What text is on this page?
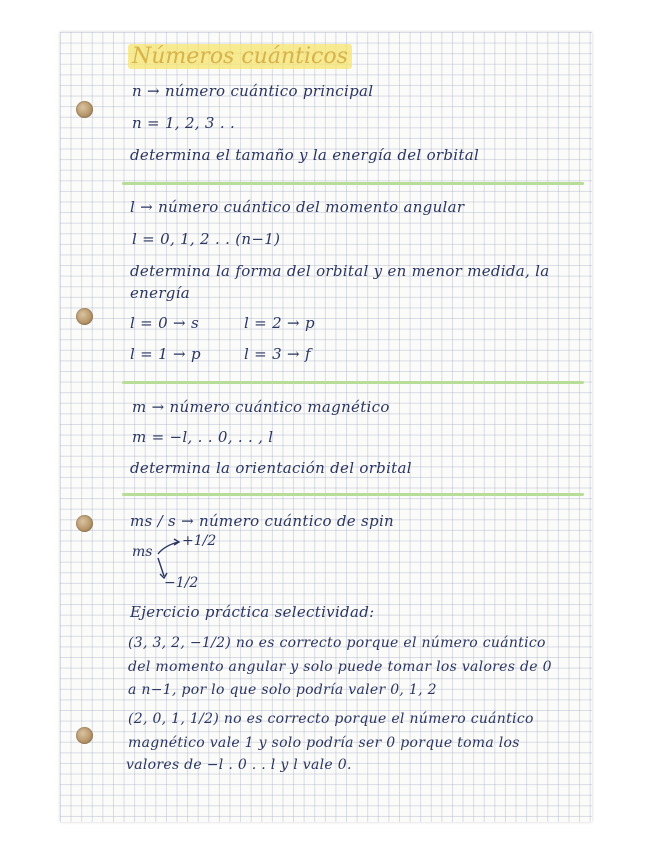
Números cuánticos
n → número cuántico principal
n = 1, 2, 3 . .
determina el tamaño y la energía del orbital
l → número cuántico del momento angular
l = 0, 1, 2 . . (n−1)
determina la forma del orbital y en menor medida, la
energía
l = 0 → s	l = 2 → p
l = 1 → p	l = 3 → f
m → número cuántico magnético
m = −l, . . 0, . . , l
determina la orientación del orbital
ms / s → número cuántico de spin
ms
+1/2
−1/2
Ejercicio práctica selectividad:
(3, 3, 2, −1/2) no es correcto porque el número cuántico
del momento angular y solo puede tomar los valores de 0
a n−1, por lo que solo podría valer 0, 1, 2
(2, 0, 1, 1/2) no es correcto porque el número cuántico
magnético vale 1 y solo podría ser 0 porque toma los
valores de −l . 0 . . l y l vale 0.
